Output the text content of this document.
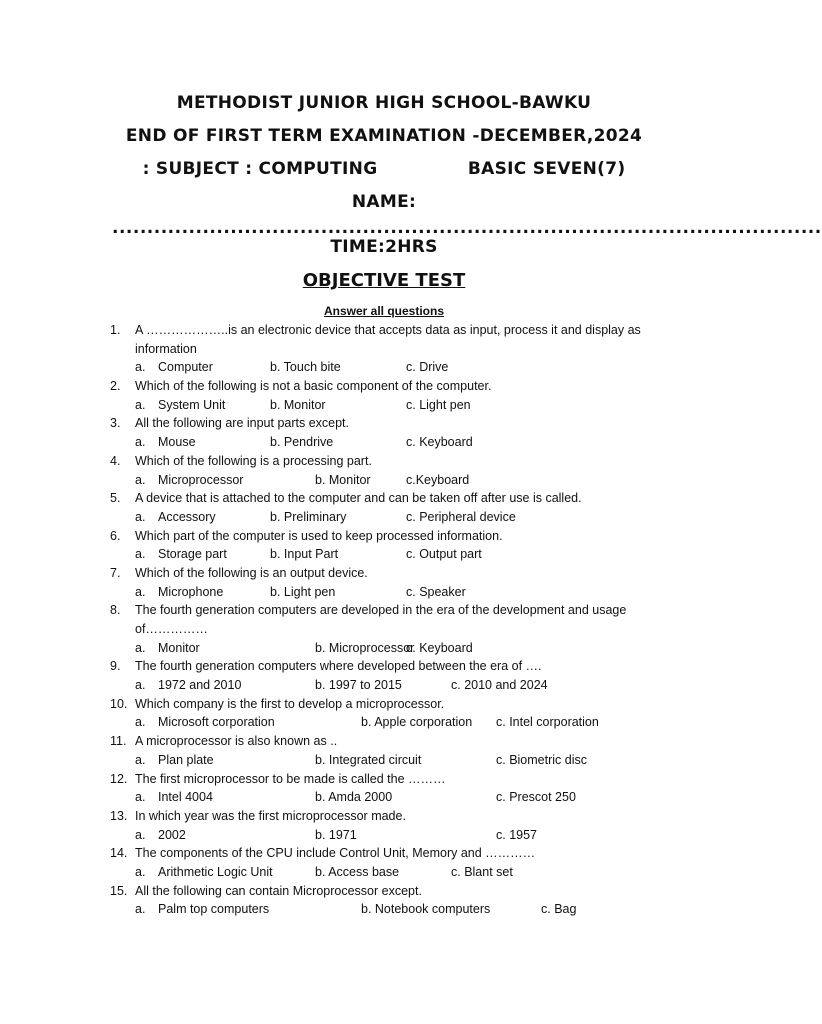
METHODIST JUNIOR HIGH SCHOOL-BAWKU
END OF FIRST TERM EXAMINATION -DECEMBER,2024
: SUBJECT : COMPUTING	BASIC SEVEN(7)
NAME:
......................................................................................................
TIME:2HRS
OBJECTIVE TEST
Answer all questions
1.	A ………………..is an electronic device that accepts data as input, process it and display as
information
a. Computer	b. Touch bite	c. Drive
2.	Which of the following is not a basic component of the computer.
a. System Unit	b. Monitor	c. Light pen
3.	All the following are input parts except.
a. Mouse	b. Pendrive	c. Keyboard
4.	Which of the following is a processing part.
a. Microprocessor	b. Monitor	c.Keyboard
5.	A device that is attached to the computer and can be taken off after use is called.
a. Accessory	b. Preliminary	c. Peripheral device
6.	Which part of the computer is used to keep processed information.
a. Storage part	b. Input Part	c. Output part
7.	Which of the following is an output device.
a. Microphone	b. Light pen	c. Speaker
8.	The fourth generation computers are developed in the era of the development and usage
of……………
a. Monitor	b. Microprocessor
c. Keyboard
9.	The fourth generation computers where developed between the era of ….
a. 1972 and 2010	b. 1997 to 2015	c. 2010 and 2024
10. Which company is the first to develop a microprocessor.
a. Microsoft corporation	b. Apple corporation c. Intel corporation
11. A microprocessor is also known as ..
a. Plan plate	b. Integrated circuit	c. Biometric disc
12. The first microprocessor to be made is called the ………
a. Intel 4004	b. Amda 2000	c. Prescot 250
13. In which year was the first microprocessor made.
a. 2002	b. 1971	c. 1957
14. The components of the CPU include Control Unit, Memory and …………
a. Arithmetic Logic Unit	b. Access base	c. Blant set
15. All the following can contain Microprocessor except.
a. Palm top computers	b. Notebook computers	c. Bag
